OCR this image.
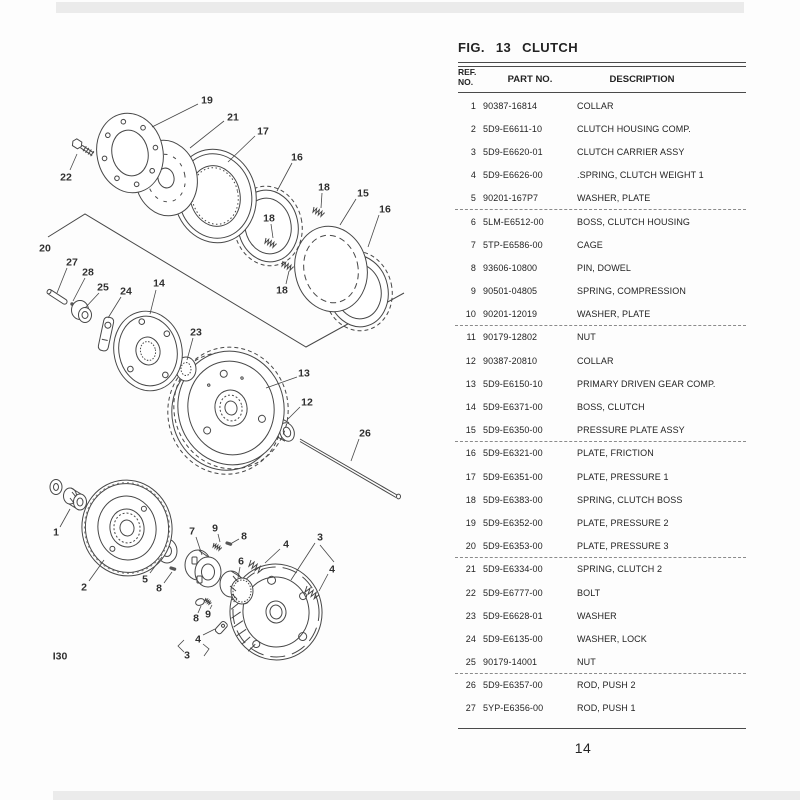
22
19
21
17
16
18	15
16
18
18
20
27
28
25 24
14
23
13
12
26
1
2
5
8
7 9
8
6
4
3
4
8 9
4
3
I30
FIG. 13 CLUTCH
REF.
NO.	PART NO.	DESCRIPTION
1 90387-16814	COLLAR
2 5D9-E6611-10	CLUTCH HOUSING COMP.
3 5D9-E6620-01	CLUTCH CARRIER ASSY
4 5D9-E6626-00	.SPRING, CLUTCH WEIGHT 1
5 90201-167P7	WASHER, PLATE
6 5LM-E6512-00	BOSS, CLUTCH HOUSING
7 5TP-E6586-00	CAGE
8 93606-10800	PIN, DOWEL
9 90501-04805	SPRING, COMPRESSION
10 90201-12019	WASHER, PLATE
11 90179-12802	NUT
12 90387-20810	COLLAR
13 5D9-E6150-10	PRIMARY DRIVEN GEAR COMP.
14 5D9-E6371-00	BOSS, CLUTCH
15 5D9-E6350-00	PRESSURE PLATE ASSY
16 5D9-E6321-00	PLATE, FRICTION
17 5D9-E6351-00	PLATE, PRESSURE 1
18 5D9-E6383-00	SPRING, CLUTCH BOSS
19 5D9-E6352-00	PLATE, PRESSURE 2
20 5D9-E6353-00	PLATE, PRESSURE 3
21 5D9-E6334-00	SPRING, CLUTCH 2
22 5D9-E6777-00	BOLT
23 5D9-E6628-01	WASHER
24 5D9-E6135-00	WASHER, LOCK
25 90179-14001	NUT
26 5D9-E6357-00	ROD, PUSH 2
27 5YP-E6356-00	ROD, PUSH 1
14
